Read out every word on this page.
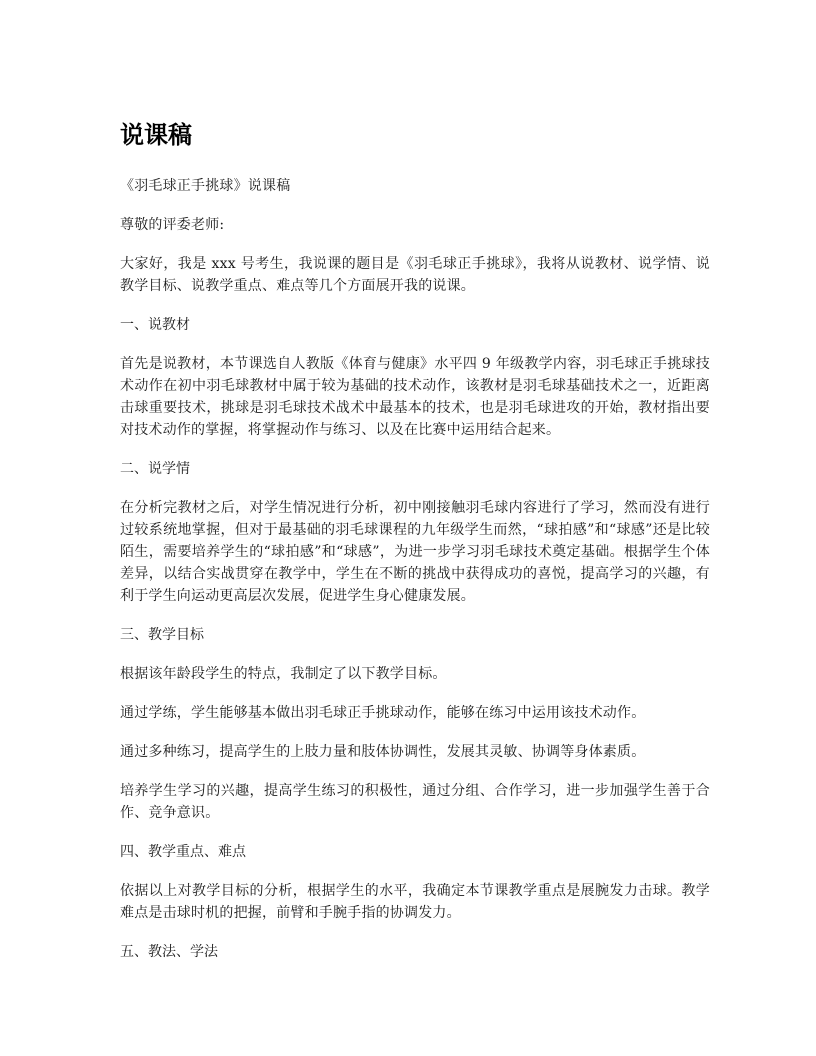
说课稿

《羽毛球正手挑球》说课稿

尊敬的评委老师:

大家好，我是 xxx 号考生，我说课的题目是《羽毛球正手挑球》，我将从说教材、说学情、说教学目标、说教学重点、难点等几个方面展开我的说课。

一、说教材

首先是说教材，本节课选自人教版《体育与健康》水平四 9 年级教学内容，羽毛球正手挑球技术动作在初中羽毛球教材中属于较为基础的技术动作，该教材是羽毛球基础技术之一，近距离击球重要技术，挑球是羽毛球技术战术中最基本的技术，也是羽毛球进攻的开始，教材指出要对技术动作的掌握，将掌握动作与练习、以及在比赛中运用结合起来。

二、说学情

在分析完教材之后，对学生情况进行分析，初中刚接触羽毛球内容进行了学习，然而没有进行过较系统地掌握，但对于最基础的羽毛球课程的九年级学生而然，“球拍感”和“球感”还是比较陌生，需要培养学生的“球拍感”和“球感”，为进一步学习羽毛球技术奠定基础。根据学生个体差异，以结合实战贯穿在教学中，学生在不断的挑战中获得成功的喜悦，提高学习的兴趣，有利于学生向运动更高层次发展，促进学生身心健康发展。

三、教学目标

根据该年龄段学生的特点，我制定了以下教学目标。

通过学练，学生能够基本做出羽毛球正手挑球动作，能够在练习中运用该技术动作。

通过多种练习，提高学生的上肢力量和肢体协调性，发展其灵敏、协调等身体素质。

培养学生学习的兴趣，提高学生练习的积极性，通过分组、合作学习，进一步加强学生善于合作、竞争意识。

四、教学重点、难点

依据以上对教学目标的分析，根据学生的水平，我确定本节课教学重点是展腕发力击球。教学难点是击球时机的把握，前臂和手腕手指的协调发力。

五、教法、学法
